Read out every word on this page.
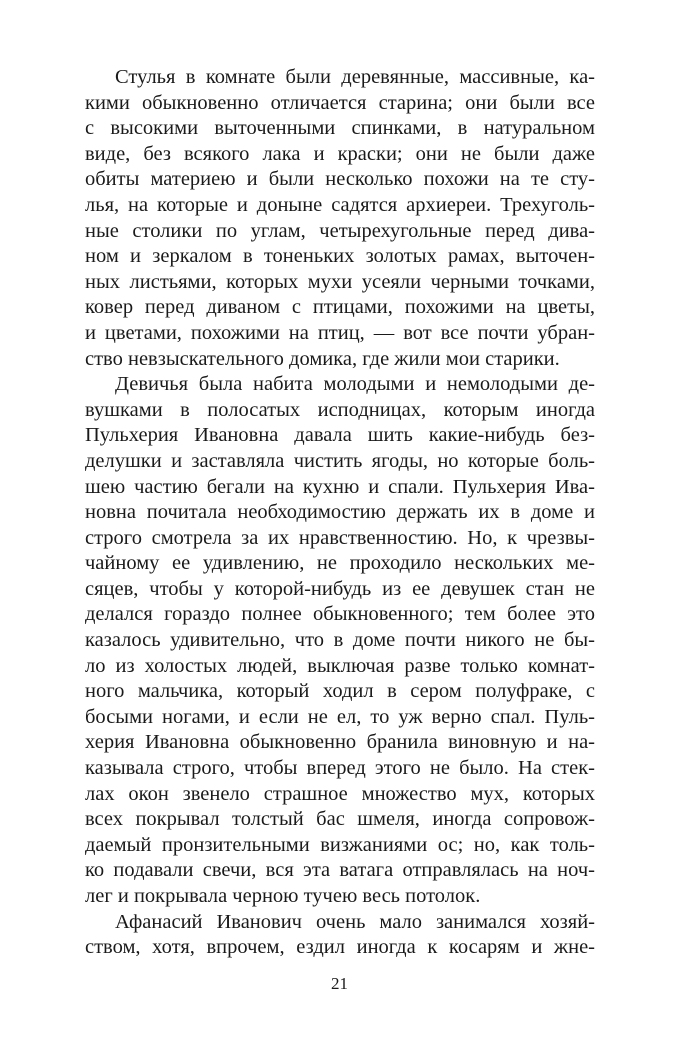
Стулья в комнате были деревянные, массивные, ка-
кими обыкновенно отличается старина; они были все
с высокими выточенными спинками, в натуральном
виде, без всякого лака и краски; они не были даже
обиты материею и были несколько похожи на те сту-
лья, на которые и доныне садятся архиереи. Трехуголь-
ные столики по углам, четырехугольные перед дива-
ном и зеркалом в тоненьких золотых рамах, выточен-
ных листьями, которых мухи усеяли черными точками,
ковер перед диваном с птицами, похожими на цветы,
и цветами, похожими на птиц, — вот все почти убран-
ство невзыскательного домика, где жили мои старики.
Девичья была набита молодыми и немолодыми де-
вушками в полосатых исподницах, которым иногда
Пульхерия Ивановна давала шить какие-нибудь без-
делушки и заставляла чистить ягоды, но которые боль-
шею частию бегали на кухню и спали. Пульхерия Ива-
новна почитала необходимостию держать их в доме и
строго смотрела за их нравственностию. Но, к чрезвы-
чайному ее удивлению, не проходило нескольких ме-
сяцев, чтобы у которой-нибудь из ее девушек стан не
делался гораздо полнее обыкновенного; тем более это
казалось удивительно, что в доме почти никого не бы-
ло из холостых людей, выключая разве только комнат-
ного мальчика, который ходил в сером полуфраке, с
босыми ногами, и если не ел, то уж верно спал. Пуль-
херия Ивановна обыкновенно бранила виновную и на-
казывала строго, чтобы вперед этого не было. На стек-
лах окон звенело страшное множество мух, которых
всех покрывал толстый бас шмеля, иногда сопровож-
даемый пронзительными визжаниями ос; но, как толь-
ко подавали свечи, вся эта ватага отправлялась на ноч-
лег и покрывала черною тучею весь потолок.
Афанасий Иванович очень мало занимался хозяй-
ством, хотя, впрочем, ездил иногда к косарям и жне-
21
